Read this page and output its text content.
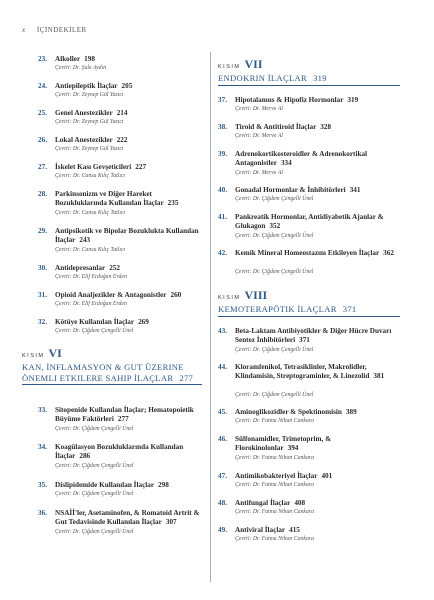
x İÇİNDEKİLER
23. Alkoller 198
Çeviri: Dr. Şule Aydın
24. Antiepileptik İlaçlar 205
Çeviri: Dr. Zeynep Gül Yazıcı
25. Genel Anestezikler 214
Çeviri: Dr. Zeynep Gül Yazıcı
26. Lokal Anestezikler 222
Çeviri: Dr. Zeynep Gül Yazıcı
27. İskelet Kası Gevşeticileri 227
Çeviri: Dr. Cansu Kılıç Tatlıcı
28. Parkinsonizm ve Diğer Hareket Bozukluklarında Kullanılan İlaçlar 235
Çeviri: Dr. Cansu Kılıç Tatlıcı
29. Antipsikotik ve Bipolar Bozuklukta Kullanılan İlaçlar 243
Çeviri: Dr. Cansu Kılıç Tatlıcı
30. Antidepresanlar 252
Çeviri: Dr. Elif Erdoğan Erden
31. Opioid Analjezikler & Antagonistler 260
Çeviri: Dr. Elif Erdoğan Erden
32. Kötüye Kullanılan İlaçlar 269
Çeviri: Dr. Çiğdem Çengelli Ünel
KISIM VI
KAN, İNFLAMASYON & GUT ÜZERINE ÖNEMLI ETKILERE SAHIP İLAÇLAR 277
33. Sitopenide Kullanılan İlaçlar; Hematopoietik Büyüme Faktörleri 277
Çeviri: Dr. Çiğdem Çengelli Ünel
34. Koagülasyon Bozukluklarında Kullanılan İlaçlar 286
Çeviri: Dr. Çiğdem Çengelli Ünel
35. Dislipidemide Kullanılan İlaçlar 298
Çeviri: Dr. Çiğdem Çengelli Ünel
36. NSAİİ'ler, Asetaminofen, & Romatoid Artrit & Gut Tedavisinde Kullanılan İlaçlar 307
Çeviri: Dr. Çiğdem Çengelli Ünel
KISIM VII
ENDOKRIN İLAÇLAR 319
37. Hipotalamus & Hipofiz Hormonlar 319
Çeviri: Dr. Merve Al
38. Tiroid & Antitiroid İlaçlar 328
Çeviri: Dr. Merve Al
39. Adrenokortikosteroidler & Adrenokortikal Antagonistler 334
Çeviri: Dr. Merve Al
40. Gonadal Hormonlar & İnhibitörleri 341
Çeviri: Dr. Çiğdem Çengelli Ünel
41. Pankreatik Hormonlar, Antidiyabetik Ajanlar & Glukagon 352
Çeviri: Dr. Çiğdem Çengelli Ünel
42. Kemik Mineral Homeostazını Etkileyen İlaçlar 362
Çeviri: Dr. Çiğdem Çengelli Ünel
KISIM VIII
KEMOTERAPÖTIK İLAÇLAR 371
43. Beta-Laktam Antibiyotikler & Diğer Hücre Duvarı Sentez İnhibitörleri 371
Çeviri: Dr. Çiğdem Çengelli Ünel
44. Kloramfenikol, Tetrasiklinler, Makrolidler, Klindamisin, Streptograminler, & Linezolid 381
Çeviri: Dr. Çiğdem Çengelli Ünel
45. Aminoglikozidler & Spektinomisin 389
Çeviri: Dr. Fatma Nihan Cankara
46. Sülfonamidler, Trimetoprim, & Florokinolonlar 394
Çeviri: Dr. Fatma Nihan Cankara
47. Antimikobakteriyel İlaçlar 401
Çeviri: Dr. Fatma Nihan Cankara
48. Antifungal İlaçlar 408
Çeviri: Dr. Fatma Nihan Cankara
49. Antiviral İlaçlar 415
Çeviri: Dr. Fatma Nihan Cankara
